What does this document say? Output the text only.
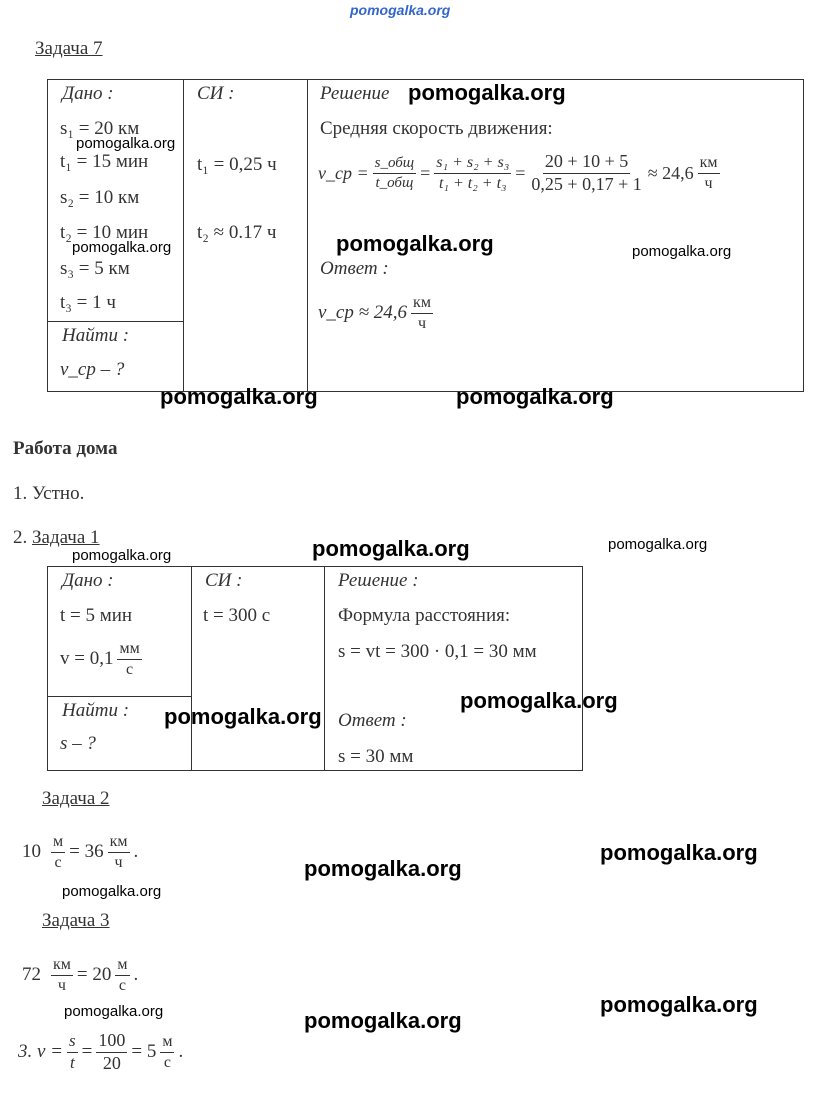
pomogalka.org
Задача 7
Дано :
s₁ = 20 км
t₁ = 15 мин
s₂ = 10 км
t₂ = 10 мин
s₃ = 5 км
t₃ = 1 ч
Найти :
v_ср – ?
СИ :
t₁ = 0,25 ч
t₂ ≈ 0.17 ч
Решение
Средняя скорость движения:
v_ср = $\frac{\text{s\_общ}}{\text{t\_общ}} = \frac{\text{s₁ + s₂ + s₃}}{\text{t₁ + t₂ + t₃}} = \frac{20 + 10 + 5}{0,25 + 0,17 + 1} \approx 24,6 \frac{км}{ч}$
Ответ :
v_ср ≈ $24,6 \frac{км}{ч}$
Работа дома
1. Устно.
2. Задача 1
Дано :
t = 5 мин
$v = 0,1 \frac{мм}{с}$
Найти :
s – ?
СИ :
t = 300 с
Решение :
Формула расстояния:
s = vt = 300 · 0,1 = 30 мм
Ответ :
s = 30 мм
Задача 2
$10 \frac{м}{с} = 36 \frac{км}{ч}$ .
Задача 3
$72 \frac{км}{ч} = 20 \frac{м}{с}$ .
3. $v = \frac{s}{t} = \frac{100}{20} = 5 \frac{м}{с}$ .
pomogalka.org
pomogalka.org
pomogalka.org
pomogalka.org	pomogalka.org
pomogalka.org	pomogalka.org
pomogalka.org	pomogalka.org
pomogalka.org
pomogalka.org
pomogalka.org
pomogalka.org
pomogalka.org
pomogalka.org
pomogalka.org
pomogalka.org	pomogalka.org
